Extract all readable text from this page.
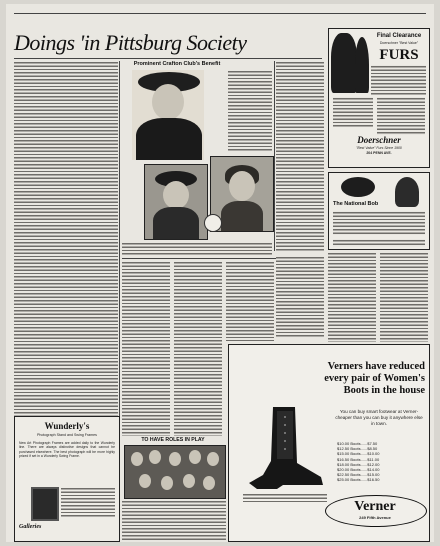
Doings 'in Pittsburg Society
Prominent Crafton Club's Benefit
Final Clearance
Doerschner "Best Value"
FURS
Doerschner
"Best Value" Furs Since 1900
204 PENN AVE.
The National Bob
Verners have reduced
every pair of Women's
Boots in the house
You can buy smart footwear at Verner-cheaper than you can buy it anywhere else in town.
$10.00 Boots......$7.50
$12.50 Boots......$8.50
$15.00 Boots......$10.00
$16.50 Boots......$11.00
$18.00 Boots......$12.00
$20.00 Boots......$14.00
$22.50 Boots......$15.00
$25.00 Boots......$16.50
Verner
249 Fifth Avenue
Wunderly's
Photograph Stand and Swing Frames
New Art Photograph Frames are added daily to the Wunderly line. There are always distinctive designs that cannot be purchased elsewhere. The best photograph will be more highly prized if set in a Wunderly Swing Frame.
Galleries
TO HAVE ROLES IN PLAY
